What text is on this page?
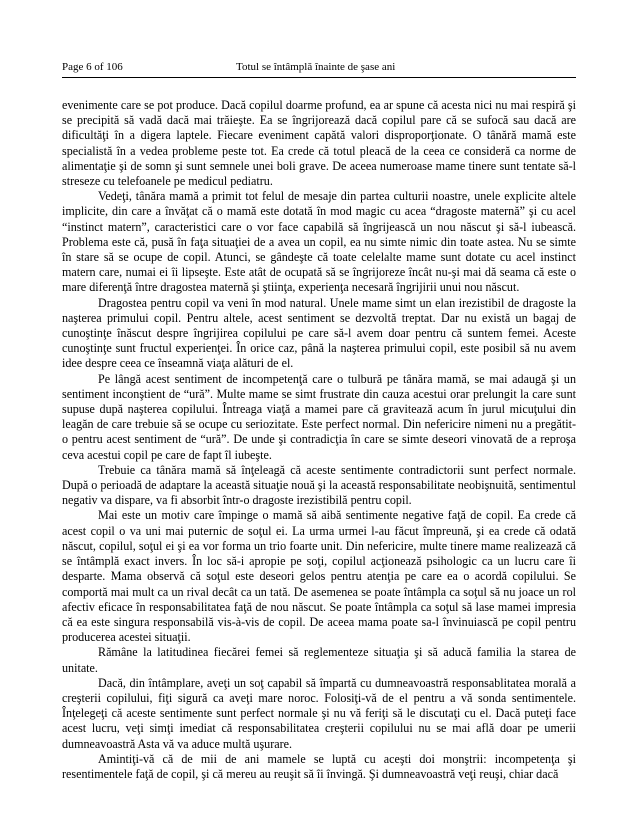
Page 6 of 106	Totul se întâmplă înainte de şase ani

evenimente care se pot produce. Dacă copilul doarme profund, ea ar spune că acesta nici nu mai respiră şi se precipită să vadă dacă mai trăieşte. Ea se îngrijorează dacă copilul pare că se sufocă sau dacă are dificultăţi în a digera laptele. Fiecare eveniment capătă valori disproporţionate. O tânără mamă este specialistă în a vedea probleme peste tot. Ea crede că totul pleacă de la ceea ce consideră ca norme de alimentaţie şi de somn şi sunt semnele unei boli grave. De aceea numeroase mame tinere sunt tentate să-l streseze cu telefoanele pe medicul pediatru.

Vedeţi, tânăra mamă a primit tot felul de mesaje din partea culturii noastre, unele explicite altele implicite, din care a învăţat că o mamă este dotată în mod magic cu acea “dragoste maternă” şi cu acel “instinct matern”, caracteristici care o vor face capabilă să îngrijească un nou născut şi să-l iubească. Problema este că, pusă în faţa situaţiei de a avea un copil, ea nu simte nimic din toate astea. Nu se simte în stare să se ocupe de copil. Atunci, se gândeşte că toate celelalte mame sunt dotate cu acel instinct matern care, numai ei îi lipseşte. Este atât de ocupată să se îngrijoreze încât nu-şi mai dă seama că este o mare diferenţă între dragostea maternă şi ştiinţa, experienţa necesară îngrijirii unui nou născut.

Dragostea pentru copil va veni în mod natural. Unele mame simt un elan irezistibil de dragoste la naşterea primului copil. Pentru altele, acest sentiment se dezvoltă treptat. Dar nu există un bagaj de cunoştinţe înăscut despre îngrijirea copilului pe care să-l avem doar pentru că suntem femei. Aceste cunoştinţe sunt fructul experienţei. În orice caz, până la naşterea primului copil, este posibil să nu avem idee despre ceea ce înseamnă viaţa alături de el.

Pe lângă acest sentiment de incompetenţă care o tulbură pe tânăra mamă, se mai adaugă şi un sentiment inconştient de “ură”. Multe mame se simt frustrate din cauza acestui orar prelungit la care sunt supuse după naşterea copilului. Întreaga viaţă a mamei pare că gravitează acum în jurul micuţului din leagăn de care trebuie să se ocupe cu seriozitate. Este perfect normal. Din nefericire nimeni nu a pregătit-o pentru acest sentiment de “ură”. De unde şi contradicţia în care se simte deseori vinovată de a reproşa ceva acestui copil pe care de fapt îl iubeşte.

Trebuie ca tânăra mamă să înţeleagă că aceste sentimente contradictorii sunt perfect normale. După o perioadă de adaptare la această situaţie nouă şi la această responsabilitate neobişnuită, sentimentul negativ va dispare, va fi absorbit într-o dragoste irezistibilă pentru copil.

Mai este un motiv care împinge o mamă să aibă sentimente negative faţă de copil. Ea crede că acest copil o va uni mai puternic de soţul ei. La urma urmei l-au făcut împreună, şi ea crede că odată născut, copilul, soţul ei şi ea vor forma un trio foarte unit. Din nefericire, multe tinere mame realizează că se întâmplă exact invers. În loc să-i apropie pe soţi, copilul acţionează psihologic ca un lucru care îi desparte. Mama observă că soţul este deseori gelos pentru atenţia pe care ea o acordă copilului. Se comportă mai mult ca un rival decât ca un tată. De asemenea se poate întâmpla ca soţul să nu joace un rol afectiv eficace în responsabilitatea faţă de nou născut. Se poate întâmpla ca soţul să lase mamei impresia că ea este singura responsabilă vis-à-vis de copil. De aceea mama poate sa-l învinuiască pe copil pentru producerea acestei situaţii.

Rămâne la latitudinea fiecărei femei să reglementeze situaţia şi să aducă familia la starea de unitate.

Dacă, din întâmplare, aveţi un soţ capabil să împartă cu dumneavoastră responsablitatea morală a creşterii copilului, fiţi sigură ca aveţi mare noroc. Folosiţi-vă de el pentru a vă sonda sentimentele. Înţelegeţi că aceste sentimente sunt perfect normale şi nu vă feriţi să le discutaţi cu el. Dacă puteţi face acest lucru, veţi simţi imediat că responsabilitatea creşterii copilului nu se mai află doar pe umerii dumneavoastră Asta vă va aduce multă uşurare.

Amintiţi-vă că de mii de ani mamele se luptă cu aceşti doi monştrii: incompetenţa şi resentimentele faţă de copil, şi că mereu au reuşit să îi învingă. Şi dumneavoastră veţi reuşi, chiar dacă
